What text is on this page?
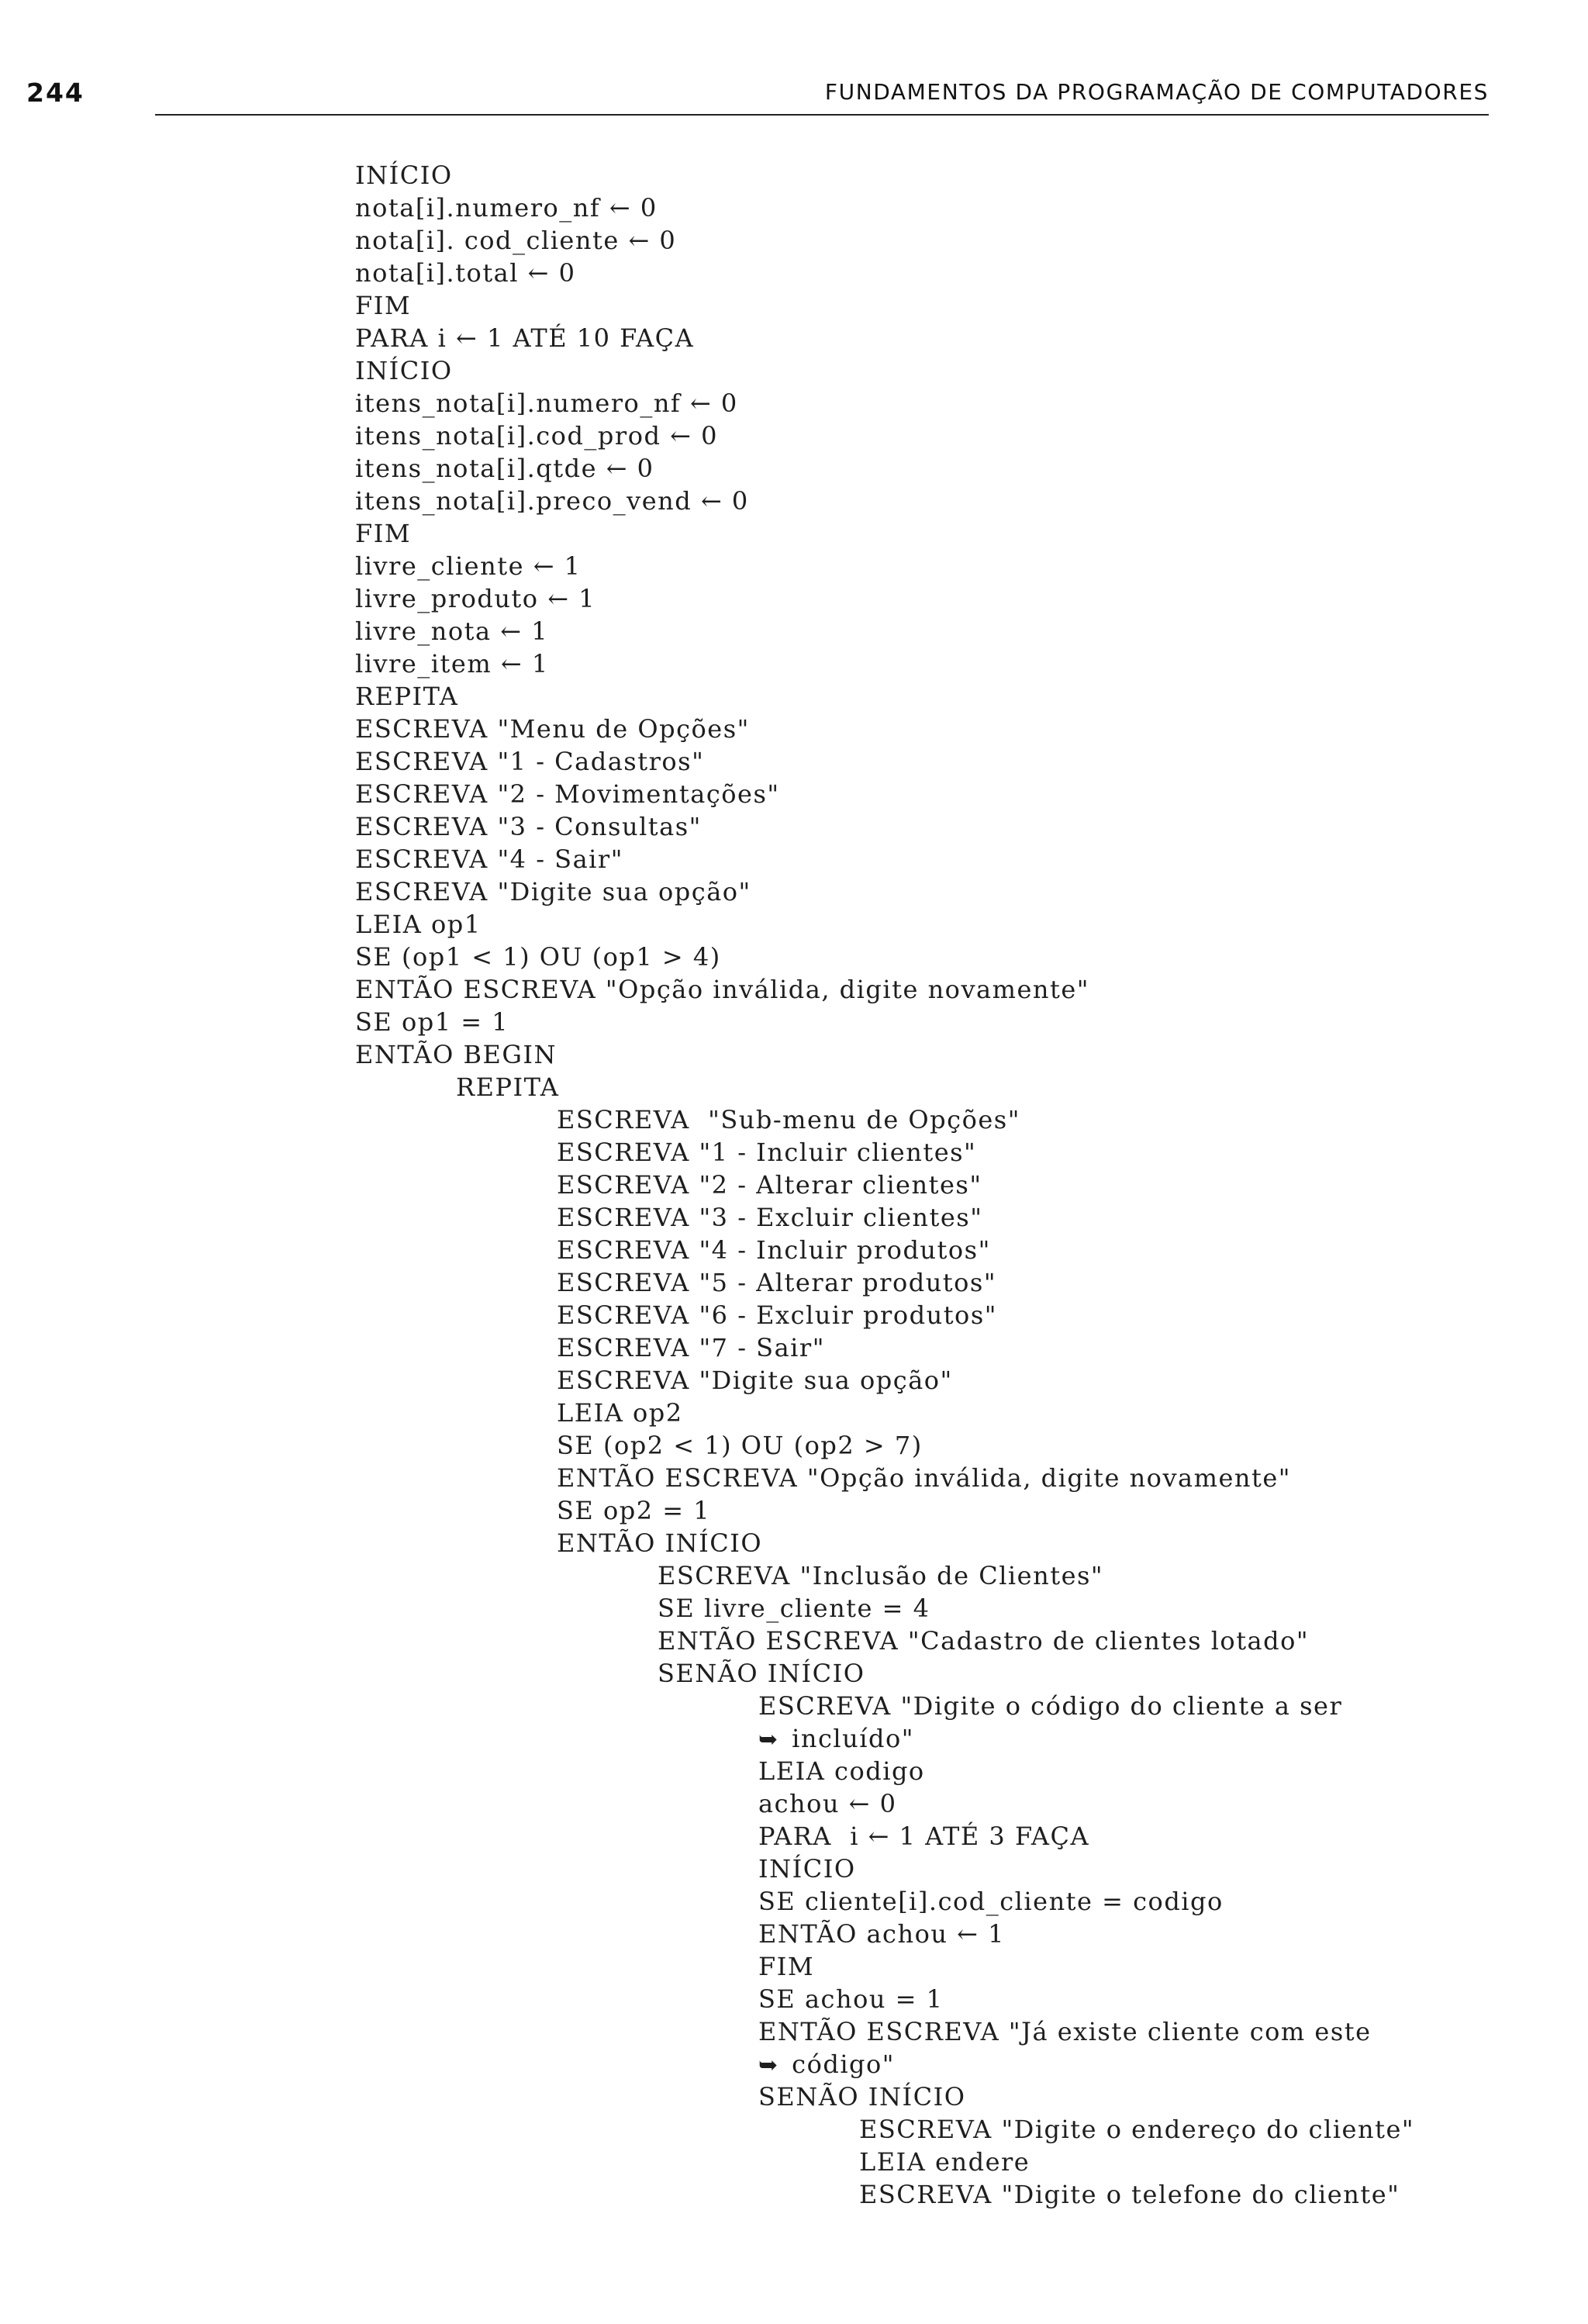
244	FUNDAMENTOS DA PROGRAMAÇÃO DE COMPUTADORES
INÍCIO
nota[i].numero_nf ← 0
nota[i]. cod_cliente ← 0
nota[i].total ← 0
FIM
PARA i ← 1 ATÉ 10 FAÇA
INÍCIO
itens_nota[i].numero_nf ← 0
itens_nota[i].cod_prod ← 0
itens_nota[i].qtde ← 0
itens_nota[i].preco_vend ← 0
FIM
livre_cliente ← 1
livre_produto ← 1
livre_nota ← 1
livre_item ← 1
REPITA
ESCREVA "Menu de Opções"
ESCREVA "1 - Cadastros"
ESCREVA "2 - Movimentações"
ESCREVA "3 - Consultas"
ESCREVA "4 - Sair"
ESCREVA "Digite sua opção"
LEIA op1
SE (op1 < 1) OU (op1 > 4)
ENTÃO ESCREVA "Opção inválida, digite novamente"
SE op1 = 1
ENTÃO BEGIN
REPITA
ESCREVA  "Sub-menu de Opções"
ESCREVA "1 - Incluir clientes"
ESCREVA "2 - Alterar clientes"
ESCREVA "3 - Excluir clientes"
ESCREVA "4 - Incluir produtos"
ESCREVA "5 - Alterar produtos"
ESCREVA "6 - Excluir produtos"
ESCREVA "7 - Sair"
ESCREVA "Digite sua opção"
LEIA op2
SE (op2 < 1) OU (op2 > 7)
ENTÃO ESCREVA "Opção inválida, digite novamente"
SE op2 = 1
ENTÃO INÍCIO
ESCREVA "Inclusão de Clientes"
SE livre_cliente = 4
ENTÃO ESCREVA "Cadastro de clientes lotado"
SENÃO INÍCIO
ESCREVA "Digite o código do cliente a ser
➥ incluído"
LEIA codigo
achou ← 0
PARA  i ← 1 ATÉ 3 FAÇA
INÍCIO
SE cliente[i].cod_cliente = codigo
ENTÃO achou ← 1
FIM
SE achou = 1
ENTÃO ESCREVA "Já existe cliente com este
➥ código"
SENÃO INÍCIO
ESCREVA "Digite o endereço do cliente"
LEIA endere
ESCREVA "Digite o telefone do cliente"
